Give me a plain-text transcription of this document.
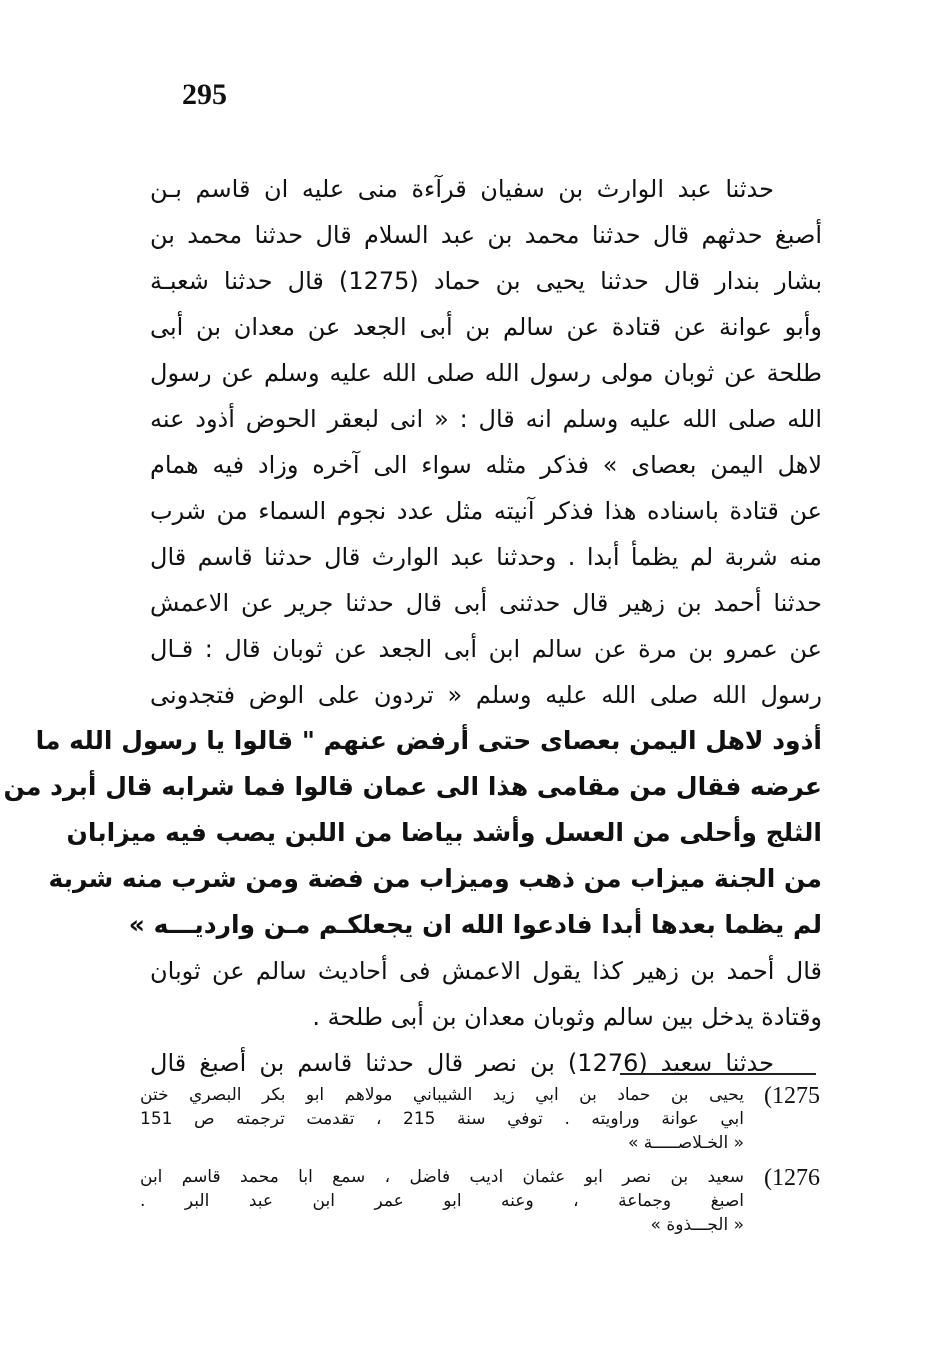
295
حدثنا عبد الوارث بن سفيان قرآءة منى عليه ان قاسم بـن
أصبغ حدثهم قال حدثنا محمد بن عبد السلام قال حدثنا محمد بن
بشار بندار قال حدثنا يحيى بن حماد (1275) قال حدثنا شعبـة
وأبو عوانة عن قتادة عن سالم بن أبى الجعد عن معدان بن أبى
طلحة عن ثوبان مولى رسول الله صلى الله عليه وسلم عن رسول
الله صلى الله عليه وسلم انه قال : « انى لبعقر الحوض أذود عنه
لاهل اليمن بعصاى » فذكر مثله سواء الى آخره وزاد فيه همام
عن قتادة باسناده هذا فذكر آنيته مثل عدد نجوم السماء من شرب
منه شربة لم يظمأ أبدا . وحدثنا عبد الوارث قال حدثنا قاسم قال
حدثنا أحمد بن زهير قال حدثنى أبى قال حدثنا جرير عن الاعمش
عن عمرو بن مرة عن سالم ابن أبى الجعد عن ثوبان قال : قـال
رسول الله صلى الله عليه وسلم « تردون على الوض فتجدونى
أذود لاهل اليمن بعصاى حتى أرفض عنهم " قالوا يا رسول الله ما
عرضه فقال من مقامى هذا الى عمان قالوا فما شرابه قال أبرد من
الثلج وأحلى من العسل وأشد بياضا من اللبن يصب فيه ميزابان
من الجنة ميزاب من ذهب وميزاب من فضة ومن شرب منه شربة
لم يظما بعدها أبدا فادعوا الله ان يجعلكـم مـن وارديـــه »
قال أحمد بن زهير كذا يقول الاعمش فى أحاديث سالم عن ثوبان
وقتادة يدخل بين سالم وثوبان معدان بن أبى طلحة .
حدثنا سعيد (1276) بن نصر قال حدثنا قاسم بن أصبغ قال
(1275
يحيى بن حماد بن ابي زيد الشيباني مولاهم ابو بكر البصري ختن
ابي عوانة وراويته . توفي سنة 215 ، تقدمت ترجمته ص 151
« الخـلاصـــــة »
(1276
سعيد بن نصر ابو عثمان اديب فاضل ، سمع ابا محمد قاسم ابن
اصبغ وجماعة ، وعنه ابو عمر ابن عبد البر .
« الجـــذوة »
